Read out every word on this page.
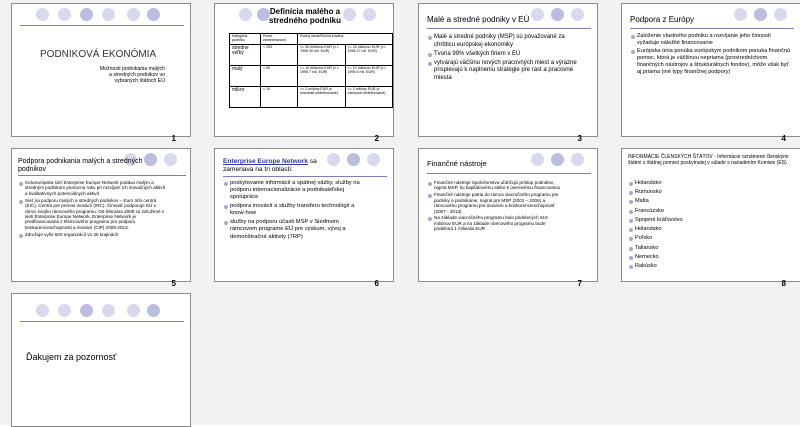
PODNIKOVÁ EKONÓMIA
Možnosti podnikania malých a stredných podnikov vo vybraných štátoch EÚ
1
Definícia malého a stredného podniku
Kategória podniku	Počet zamestnancov	Ročný obrat/Ročná súvaha	
stredne veľký	< 250	<= 50 miliónov EUR (v r. 1996 40 mil. EUR)	<= 43 miliónov EUR (v r. 1996 27 mil. EUR)
malý	< 50	<= 10 miliónov EUR (v r. 1996 7 mil. EUR)	<= 10 miliónov EUR (v r. 1996 5 mil. EUR)
mikro	< 10	<= 2 milióny EUR (v minulosti nedefinované)	<= 2 milióny EUR (v minulosti nedefinované)
2
Malé a stredné podniky v EÚ
Malé a stredné podniky (MSP) sú považované za chrbticu európskej ekonomiky
Tvoria 99% všetkých firiem v EÚ
vytvárajú väčšinu nových pracovných miest a výrazne prispievajú k naplneniu stratégie pre rast a pracovné miesta
3
Podpora z Európy
Založenie vlastného podniku a rozvíjanie jeho činnosti vyžaduje náležité financovanie
Európska únia ponúka európskym podnikom ponuka finančnú pomoc, ktorá je väčšinou nepriama (prostredníctvom finančných nástrojov a štrukturálnych fondov), môže však byť aj priama (iné typy finančnej podpory)
4
Podpora podnikania malých a stredných podnikov
Celoeurópska sieť Enterprise Europe Network podáva malým a stredným podnikom pomocnú ruku pri rozvíjaní ich inovačných aktivít a kvalitatívnych potenciálnych aktivít
Sieť na podporu malých a stredných podnikov – Euro Info centrá (EIC), Centrá pre prenos inovácií (IRC). Činnosť podporuje EÚ v rámci svojho rámcového programu. Od februára 2008 sú združené v sieti Enterprise Europe Network. Enterprise Network je predfinancovaná z Rámcového programu pre podporu konkurencieschopnosti a inovácií (CIP) 2008-2013.
Združuje vyše 500 organizácií vo 35 krajinách
5
Enterprise Europe Network sa zameriava na tri oblasti:
poskytovanie informácií a spätnej väzby, služby na podporu internacionalizácie a podnikateľskej spolupráce
podpora inovácií a služby transferu technológií a know-how
služby na podporu účasti MSP v Siedmom rámcovom programe EÚ pre výskum, vývoj a demonštračné aktivity (7RP)
6
Finančné nástroje
Finančné nástroje Spoločenstva uľahčujú prístup podnikov, najmä MSP, ku kapitálovému alebo k úverovému financovaniu
Finančné nástroje patria do rámca viacročného programu pre podniky a podnikanie, najmä pre MSP (2001 – 2006) a rámcového programu pre inovácie a konkurencieschopnosť (2007 - 2013)
Na základe viacročného programu bolo pridelených 510 miliónov EUR a na základe rámcového programu bude pridelená 1 miliarda EUR
7
INFORMÁCIE ČLENSKÝCH ŠTÁTOV - Informácie oznámené členskými štátmi o štátnej pomoci poskytnutej v súlade s nariadením Komisie (ES)
Holandsko
Rumunsko
Malta
Francúzsko
Spojené kráľovstvo
Holandsko
Poľsko
Taliansko
Nemecko
Rakúsko
8
Ďakujem za pozornosť
